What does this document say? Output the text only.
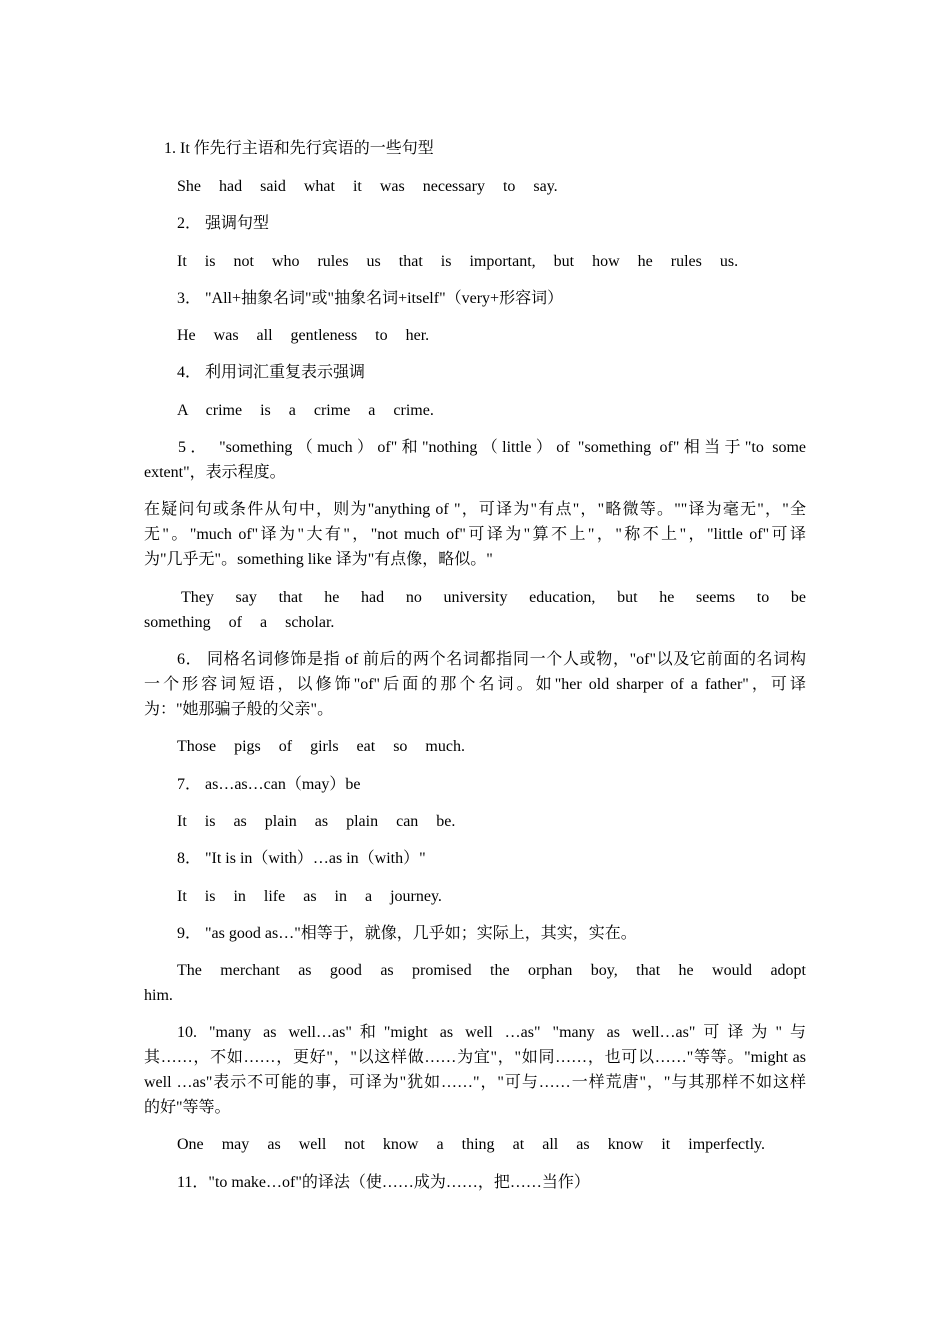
1. It 作先行主语和先行宾语的一些句型
She had said what it was necessary to say.
2． 强调句型
It is not who rules us that is important, but how he rules us.
3． "All+抽象名词"或"抽象名词+itself"（very+形容词）
He was all gentleness to her.
4． 利用词汇重复表示强调
A crime is a crime a crime.
5． "something（much）of"和"nothing（little）of "something of"相当于"to some
extent"，表示程度。
在疑问句或条件从句中，则为"anything of "，可译为"有点"，"略微等。""译为毫无"，"全
无"。"much of"译为"大有"，"not much of"可译为"算不上"，"称不上"，"little of"可译
为"几乎无"。something like 译为"有点像，略似。"
They say that he had no university education, but he seems to be
something of a scholar.
6． 同格名词修饰是指 of 前后的两个名词都指同一个人或物，"of"以及它前面的名词构
一个形容词短语，以修饰"of"后面的那个名词。如"her old sharper of a father"，可译
为："她那骗子般的父亲"。
Those pigs of girls eat so much.
7． as…as…can（may）be
It is as plain as plain can be.
8． "It is in（with）…as in（with）"
It is in life as in a journey.
9． "as good as…"相等于，就像，几乎如；实际上，其实，实在。
The merchant as good as promised the orphan boy, that he would adopt
him.
10. "many as well…as"和"might as well …as" "many as well…as"可译为"与
其……，不如……，更好"，"以这样做……为宜"，"如同……，也可以……"等等。"might as
well …as"表示不可能的事，可译为"犹如……"，"可与……一样荒唐"，"与其那样不如这样
的好"等等。
One may as well not know a thing at all as know it imperfectly.
11．"to make…of"的译法（使……成为……，把……当作）
